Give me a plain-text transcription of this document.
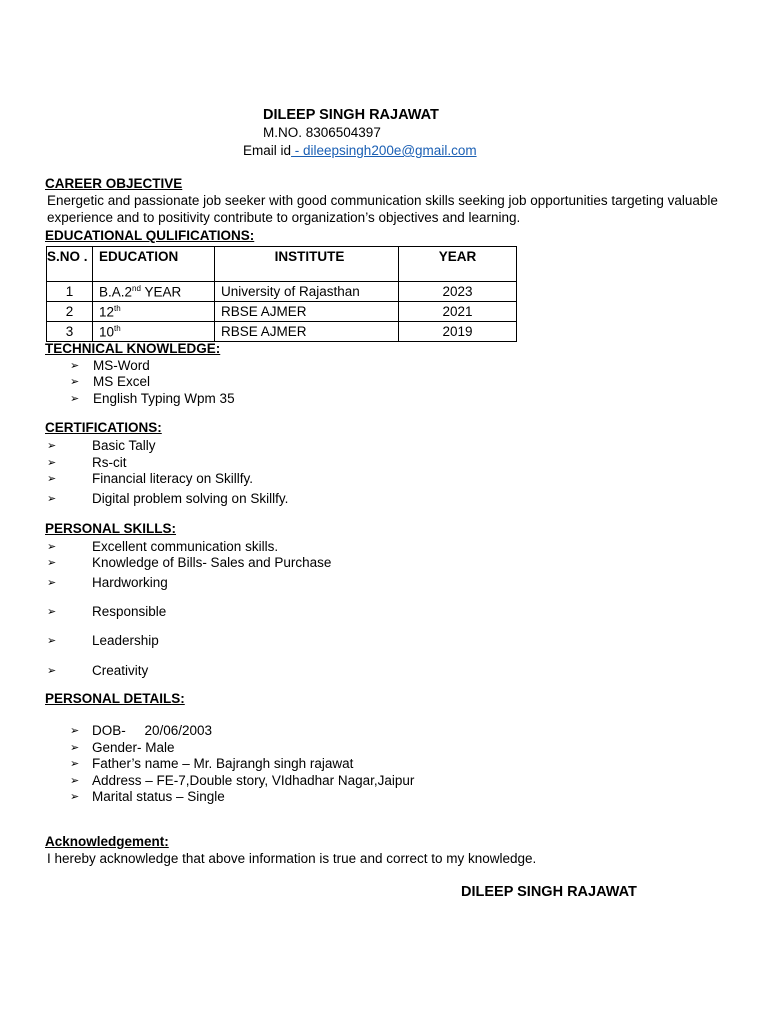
DILEEP SINGH RAJAWAT
M.NO. 8306504397
Email id - dileepsingh200e@gmail.com
CAREER OBJECTIVE
Energetic and passionate job seeker with good communication skills seeking job opportunities targeting valuable experience and to positivity contribute to organization’s objectives and learning.
EDUCATIONAL QULIFICATIONS:
S.NO .	EDUCATION	INSTITUTE	YEAR
1	B.A.2nd YEAR	University of Rajasthan	2023
2	12th	RBSE AJMER	2021
3	10th	RBSE AJMER	2019
TECHNICAL KNOWLEDGE:
➢ MS-Word
➢ MS Excel
➢ English Typing Wpm 35
CERTIFICATIONS:
➢	Basic Tally
➢	Rs-cit
➢	Financial literacy on Skillfy.
➢	Digital problem solving on Skillfy.
PERSONAL SKILLS:
➢	Excellent communication skills.
➢	Knowledge of Bills- Sales and Purchase
➢	Hardworking
➢	Responsible
➢	Leadership
➢	Creativity
PERSONAL DETAILS:
➢ DOB-     20/06/2003
➢ Gender- Male
➢ Father’s name – Mr. Bajrangh singh rajawat
➢ Address – FE-7,Double story, VIdhadhar Nagar,Jaipur
➢ Marital status – Single
Acknowledgement:
I hereby acknowledge that above information is true and correct to my knowledge.
DILEEP SINGH RAJAWAT
